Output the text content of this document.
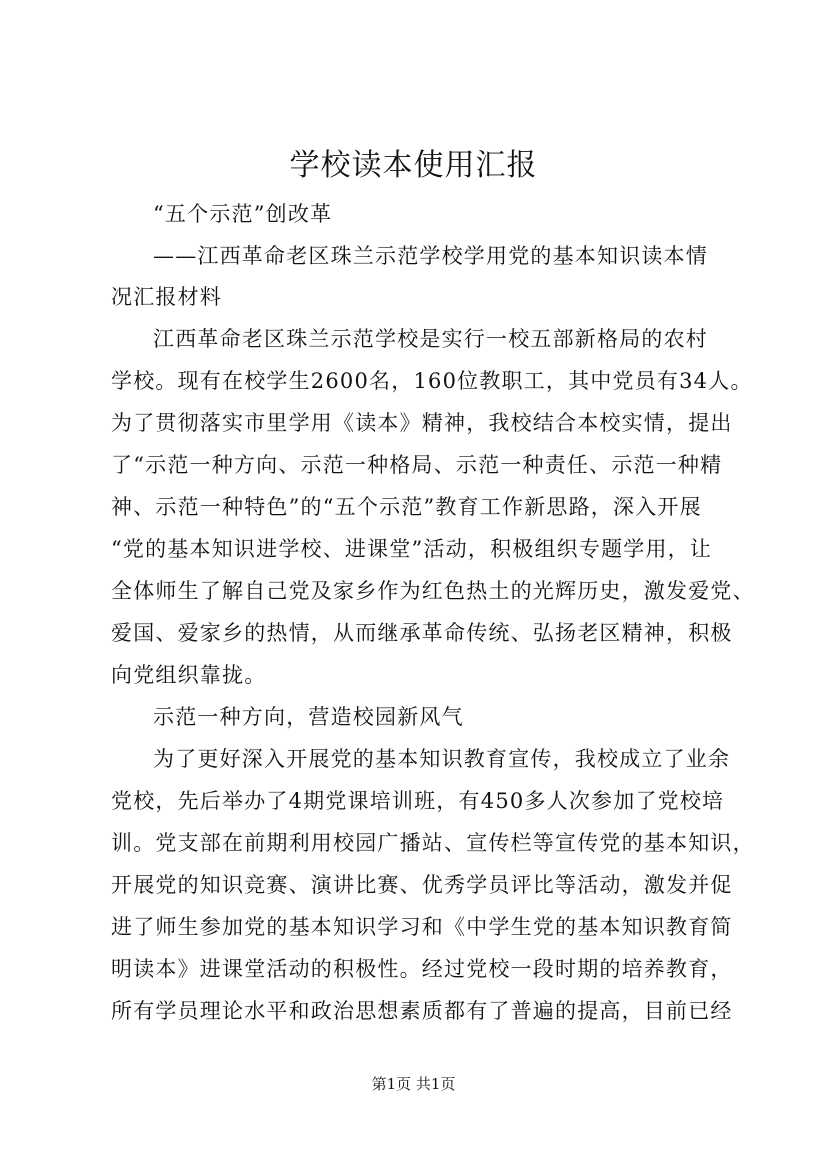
学校读本使用汇报
“五个示范”创改革
——江西革命老区珠兰示范学校学用党的基本知识读本情
况汇报材料
江西革命老区珠兰示范学校是实行一校五部新格局的农村
学校。现有在校学生2600名，160位教职工，其中党员有34人。
为了贯彻落实市里学用《读本》精神，我校结合本校实情，提出
了“示范一种方向、示范一种格局、示范一种责任、示范一种精
神、示范一种特色”的“五个示范”教育工作新思路，深入开展
“党的基本知识进学校、进课堂”活动，积极组织专题学用，让
全体师生了解自己党及家乡作为红色热土的光辉历史，激发爱党、
爱国、爱家乡的热情，从而继承革命传统、弘扬老区精神，积极
向党组织靠拢。
示范一种方向，营造校园新风气
为了更好深入开展党的基本知识教育宣传，我校成立了业余
党校，先后举办了4期党课培训班，有450多人次参加了党校培
训。党支部在前期利用校园广播站、宣传栏等宣传党的基本知识，
开展党的知识竞赛、演讲比赛、优秀学员评比等活动，激发并促
进了师生参加党的基本知识学习和《中学生党的基本知识教育简
明读本》进课堂活动的积极性。经过党校一段时期的培养教育，
所有学员理论水平和政治思想素质都有了普遍的提高，目前已经
第1页 共1页
